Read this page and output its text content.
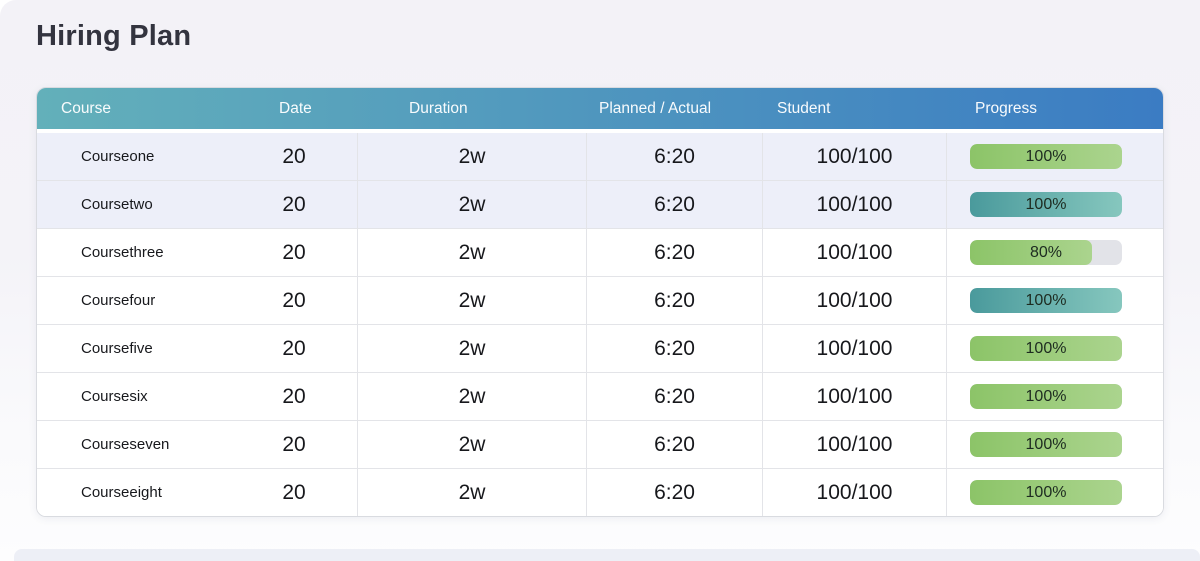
Hiring Plan
Course	Date	Duration	Planned / Actual	Student	Progress
Courseone	20	2w	6:20	100/100	100%
Coursetwo	20	2w	6:20	100/100	100%
Coursethree	20	2w	6:20	100/100	80%
Coursefour	20	2w	6:20	100/100	100%
Coursefive	20	2w	6:20	100/100	100%
Coursesix	20	2w	6:20	100/100	100%
Courseseven	20	2w	6:20	100/100	100%
Courseeight	20	2w	6:20	100/100	100%
